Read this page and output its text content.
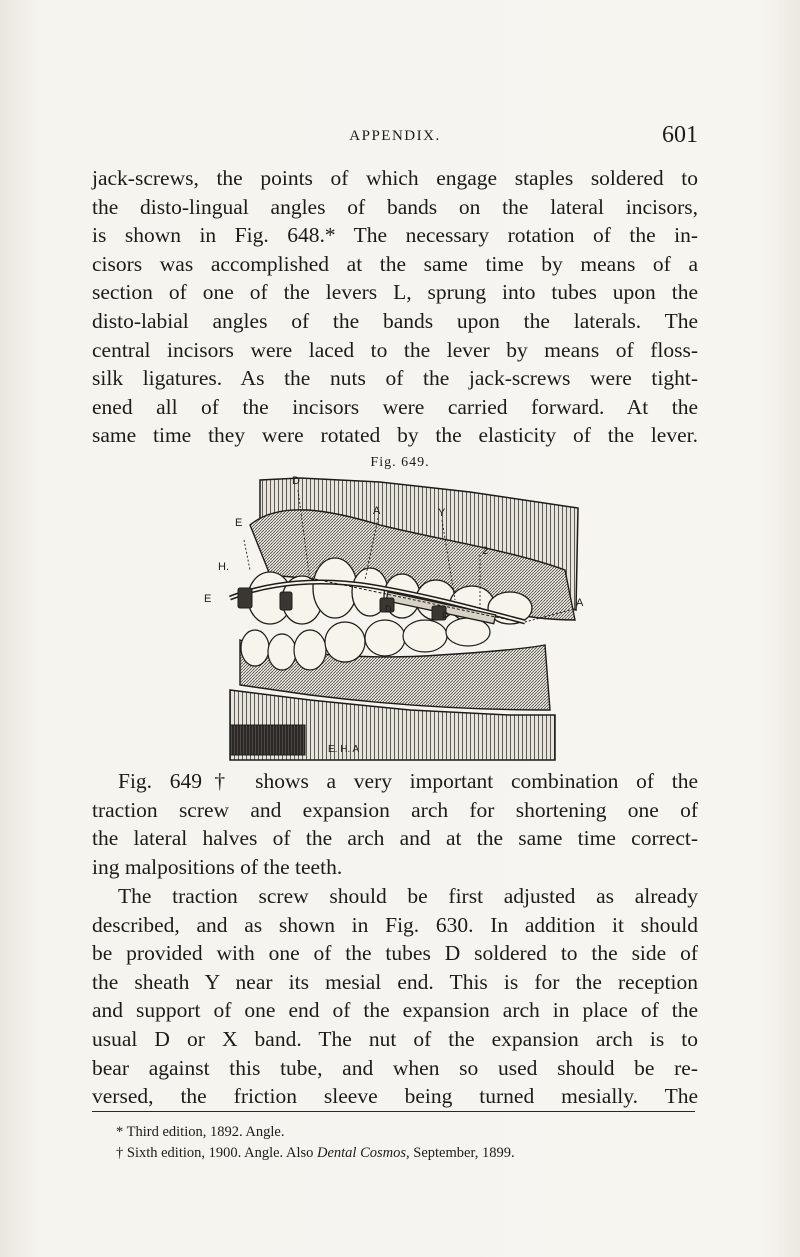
APPENDIX.	601
jack-screws, the points of which engage staples soldered to
the disto-lingual angles of bands on the lateral incisors,
is shown in Fig. 648.* The necessary rotation of the in-
cisors was accomplished at the same time by means of a
section of one of the levers L, sprung into tubes upon the
disto-labial angles of the bands upon the laterals. The
central incisors were laced to the lever by means of floss-
silk ligatures. As the nuts of the jack-screws were tight-
ened all of the incisors were carried forward. At the
same time they were rotated by the elasticity of the lever.
Fig. 649.
D
A	Y
E
H.
2
E	A
D
D
E. H. A
Fig. 649† shows a very important combination of the
traction screw and expansion arch for shortening one of
the lateral halves of the arch and at the same time correct-
ing malpositions of the teeth.
The traction screw should be first adjusted as already
described, and as shown in Fig. 630. In addition it should
be provided with one of the tubes D soldered to the side of
the sheath Y near its mesial end. This is for the reception
and support of one end of the expansion arch in place of the
usual D or X band. The nut of the expansion arch is to
bear against this tube, and when so used should be re-
versed, the friction sleeve being turned mesially. The
* Third edition, 1892. Angle.
† Sixth edition, 1900. Angle. Also Dental Cosmos, September, 1899.
